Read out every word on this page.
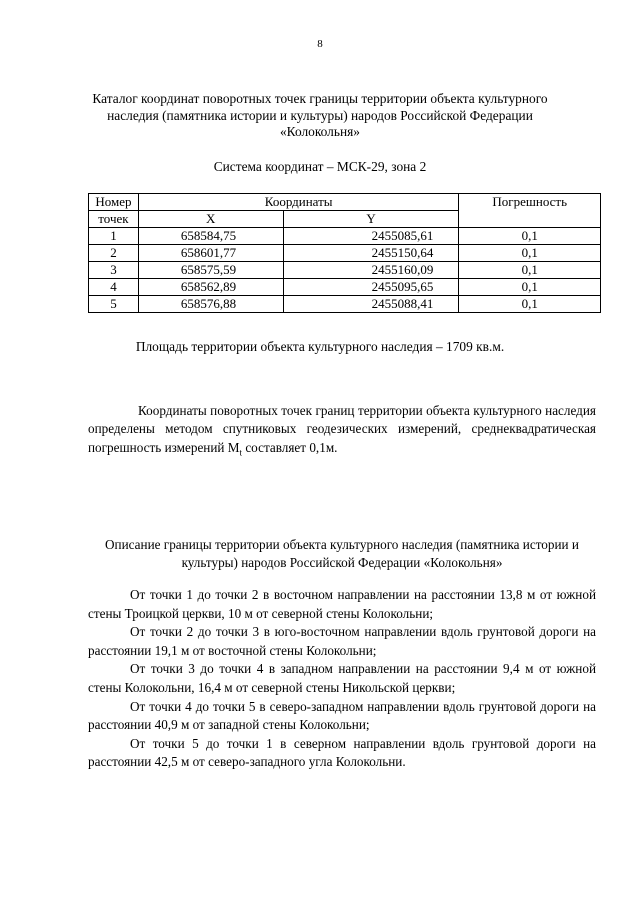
8
Каталог координат поворотных точек границы территории объекта культурного наследия (памятника истории и культуры) народов Российской Федерации «Колокольня»
Система координат – МСК-29, зона 2
Номер	Координаты		Погрешность
точек	X	Y	
1	658584,75	2455085,61	0,1
2	658601,77	2455150,64	0,1
3	658575,59	2455160,09	0,1
4	658562,89	2455095,65	0,1
5	658576,88	2455088,41	0,1
Площадь территории объекта культурного наследия – 1709 кв.м.
Координаты поворотных точек границ территории объекта культурного наследия определены методом спутниковых геодезических измерений, среднеквадратическая погрешность измерений $M_t$ составляет 0,1м.
Описание границы территории объекта культурного наследия (памятника истории и культуры) народов Российской Федерации «Колокольня»

От точки 1 до точки 2 в восточном направлении на расстоянии 13,8 м от южной стены Троицкой церкви, 10 м от северной стены Колокольни;

От точки 2 до точки 3 в юго-восточном направлении вдоль грунтовой дороги на расстоянии 19,1 м от восточной стены Колокольни;

От точки 3 до точки 4 в западном направлении на расстоянии 9,4 м от южной стены Колокольни, 16,4 м от северной стены Никольской церкви;

От точки 4 до точки 5 в северо-западном направлении вдоль грунтовой дороги на расстоянии 40,9 м от западной стены Колокольни;

От точки 5 до точки 1 в северном направлении вдоль грунтовой дороги на расстоянии 42,5 м от северо-западного угла Колокольни.
